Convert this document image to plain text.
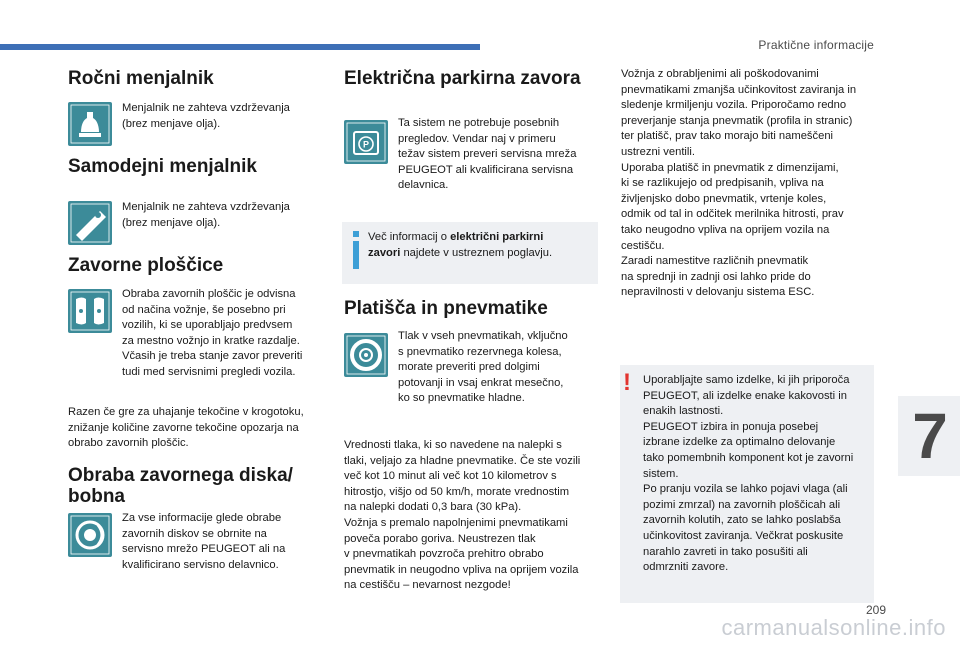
Praktične informacije
7
209
carmanualsonline.info
Ročni menjalnik

Menjalnik ne zahteva vzdrževanja
(brez menjave olja).

Samodejni menjalnik

Menjalnik ne zahteva vzdrževanja
(brez menjave olja).

Zavorne ploščice

Obraba zavornih ploščic je odvisna
od načina vožnje, še posebno pri
vozilih, ki se uporabljajo predvsem
za mestno vožnjo in kratke razdalje.
Včasih je treba stanje zavor preveriti
tudi med servisnimi pregledi vozila.

Razen če gre za uhajanje tekočine v krogotoku,
znižanje količine zavorne tekočine opozarja na
obrabo zavornih ploščic.

Obraba zavornega diska/
bobna

Za vse informacije glede obrabe
zavornih diskov se obrnite na
servisno mrežo PEUGEOT ali na
kvalificirano servisno delavnico.

Električna parkirna zavora
P

Ta sistem ne potrebuje posebnih
pregledov. Vendar naj v primeru
težav sistem preveri servisna mreža
PEUGEOT ali kvalificirana servisna
delavnica.

Več informacij o električni parkirni
zavori najdete v ustreznem poglavju.

Platišča in pnevmatike

Tlak v vseh pnevmatikah, vključno
s pnevmatiko rezervnega kolesa,
morate preveriti pred dolgimi
potovanji in vsaj enkrat mesečno,
ko so pnevmatike hladne.

Vrednosti tlaka, ki so navedene na nalepki s
tlaki, veljajo za hladne pnevmatike. Če ste vozili
več kot 10 minut ali več kot 10 kilometrov s
hitrostjo, višjo od 50 km/h, morate vrednostim
na nalepki dodati 0,3 bara (30 kPa).
Vožnja s premalo napolnjenimi pnevmatikami
poveča porabo goriva. Neustrezen tlak
v pnevmatikah povzroča prehitro obrabo
pnevmatik in neugodno vpliva na oprijem vozila
na cestišču – nevarnost nezgode!

Vožnja z obrabljenimi ali poškodovanimi
pnevmatikami zmanjša učinkovitost zaviranja in
sledenje krmiljenju vozila. Priporočamo redno
preverjanje stanja pnevmatik (profila in stranic)
ter platišč, prav tako morajo biti nameščeni
ustrezni ventili.
Uporaba platišč in pnevmatik z dimenzijami,
ki se razlikujejo od predpisanih, vpliva na
življenjsko dobo pnevmatik, vrtenje koles,
odmik od tal in odčitek merilnika hitrosti, prav
tako neugodno vpliva na oprijem vozila na
cestišču.
Zaradi namestitve različnih pnevmatik
na sprednji in zadnji osi lahko pride do
nepravilnosti v delovanju sistema ESC.

! Uporabljajte samo izdelke, ki jih priporoča
PEUGEOT, ali izdelke enake kakovosti in
enakih lastnosti.
PEUGEOT izbira in ponuja posebej
izbrane izdelke za optimalno delovanje
tako pomembnih komponent kot je zavorni
sistem.
Po pranju vozila se lahko pojavi vlaga (ali
pozimi zmrzal) na zavornih ploščicah ali
zavornih kolutih, zato se lahko poslabša
učinkovitost zaviranja. Večkrat poskusite
narahlo zavreti in tako posušiti ali
odmrzniti zavore.
